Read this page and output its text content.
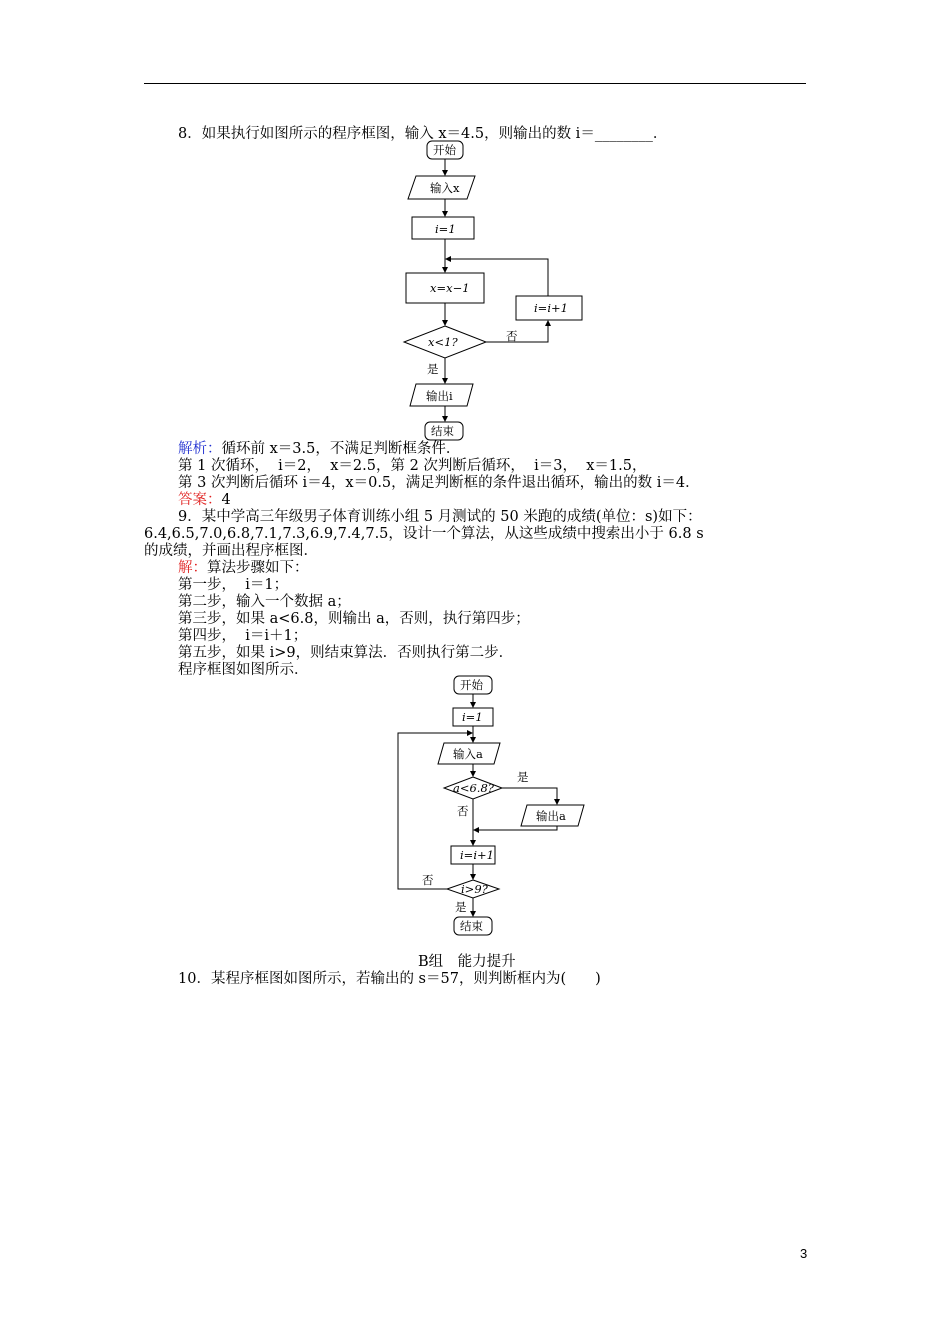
8．如果执行如图所示的程序框图，输入 x＝4.5，则输出的数 i＝________．
开始
输入x
i=1
x=x−1
x<1?
i=i+1
否
是
输出i
结束
解析：循环前 x＝3.5，不满足判断框条件．
第 1 次循环，  i＝2，  x＝2.5，第 2 次判断后循环，  i＝3，  x＝1.5，
第 3 次判断后循环 i＝4，x＝0.5，满足判断框的条件退出循环，输出的数 i＝4．
答案：4
9．某中学高三年级男子体育训练小组 5 月测试的 50 米跑的成绩(单位：s)如下：
6.4,6.5,7.0,6.8,7.1,7.3,6.9,7.4,7.5，设计一个算法，从这些成绩中搜索出小于 6.8 s
的成绩，并画出程序框图．
解：算法步骤如下：
第一步，  i＝1；
第二步，输入一个数据 a；
第三步，如果 a<6.8，则输出 a，否则，执行第四步；
第四步，  i＝i＋1；
第五步，如果 i>9，则结束算法．否则执行第二步．
程序框图如图所示．
开始
i=1
输入a
a<6.8?
是
输出a
否
i=i+1
i>9?
否
是
结束
B组　能力提升
10．某程序框图如图所示，若输出的 s＝57，则判断框内为(　　)
3
